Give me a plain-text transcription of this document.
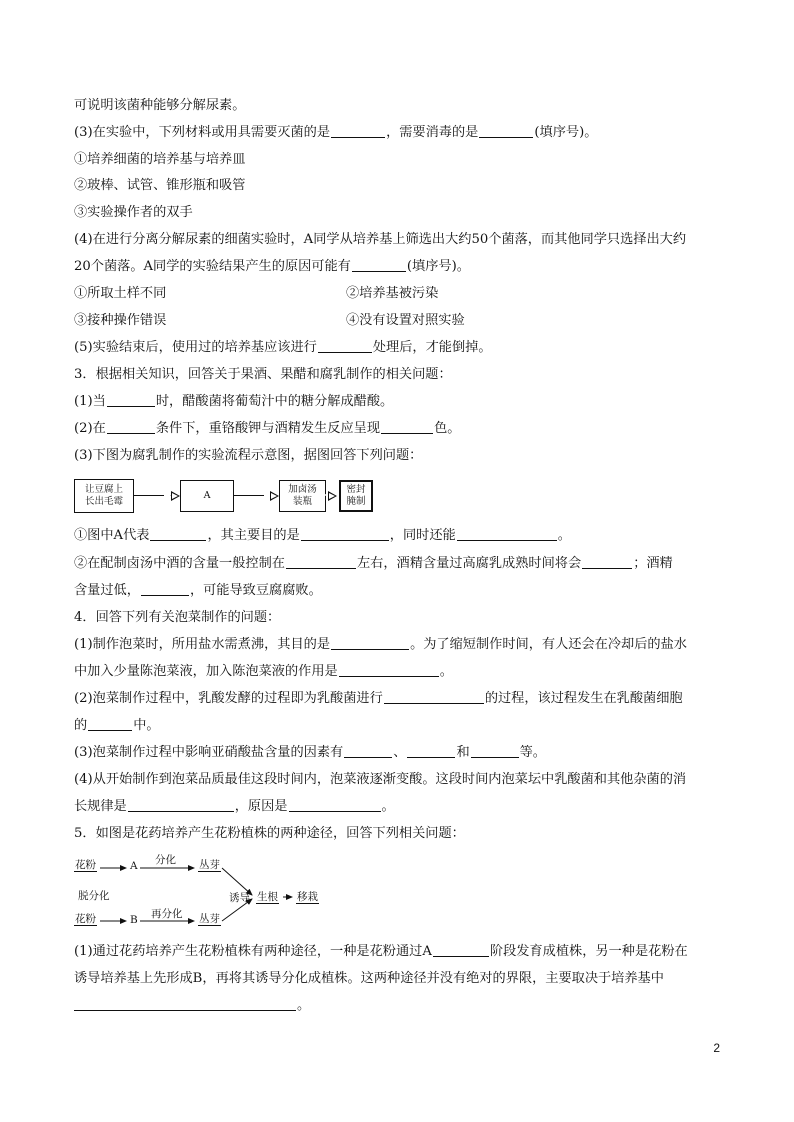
可说明该菌种能够分解尿素。
(3)在实验中，下列材料或用具需要灭菌的是	，需要消毒的是	(填序号)。
①培养细菌的培养基与培养皿
②玻棒、试管、锥形瓶和吸管
③实验操作者的双手
(4)在进行分离分解尿素的细菌实验时，A同学从培养基上筛选出大约50个菌落，而其他同学只选择出大约
20个菌落。A同学的实验结果产生的原因可能有	(填序号)。
①所取土样不同	②培养基被污染
③接种操作错误	④没有设置对照实验
(5)实验结束后，使用过的培养基应该进行	处理后，才能倒掉。
3．根据相关知识，回答关于果酒、果醋和腐乳制作的相关问题：
(1)当	时，醋酸菌将葡萄汁中的糖分解成醋酸。
(2)在	条件下，重铬酸钾与酒精发生反应呈现	色。
(3)下图为腐乳制作的实验流程示意图，据图回答下列问题：
让豆腐上
长出毛霉
A
加卤汤
装瓶
密封
腌制
①图中A代表	，其主要目的是	，同时还能	。
②在配制卤汤中酒的含量一般控制在	左右，酒精含量过高腐乳成熟时间将会	；酒精
含量过低，	，可能导致豆腐腐败。
4．回答下列有关泡菜制作的问题：
(1)制作泡菜时，所用盐水需煮沸，其目的是	。为了缩短制作时间，有人还会在冷却后的盐水
中加入少量陈泡菜液，加入陈泡菜液的作用是	。
(2)泡菜制作过程中，乳酸发酵的过程即为乳酸菌进行	的过程，该过程发生在乳酸菌细胞
的	中。
(3)泡菜制作过程中影响亚硝酸盐含量的因素有	、	和	等。
(4)从开始制作到泡菜品质最佳这段时间内，泡菜液逐渐变酸。这段时间内泡菜坛中乳酸菌和其他杂菌的消
长规律是	，原因是	。
5．如图是花药培养产生花粉植株的两种途径，回答下列相关问题：
花粉	A 分化 丛芽
脱分化	诱导 生根 移栽
花粉	B 再分化 丛芽
(1)通过花药培养产生花粉植株有两种途径，一种是花粉通过A	阶段发育成植株，另一种是花粉在
诱导培养基上先形成B，再将其诱导分化成植株。这两种途径并没有绝对的界限，主要取决于培养基中
。
2
